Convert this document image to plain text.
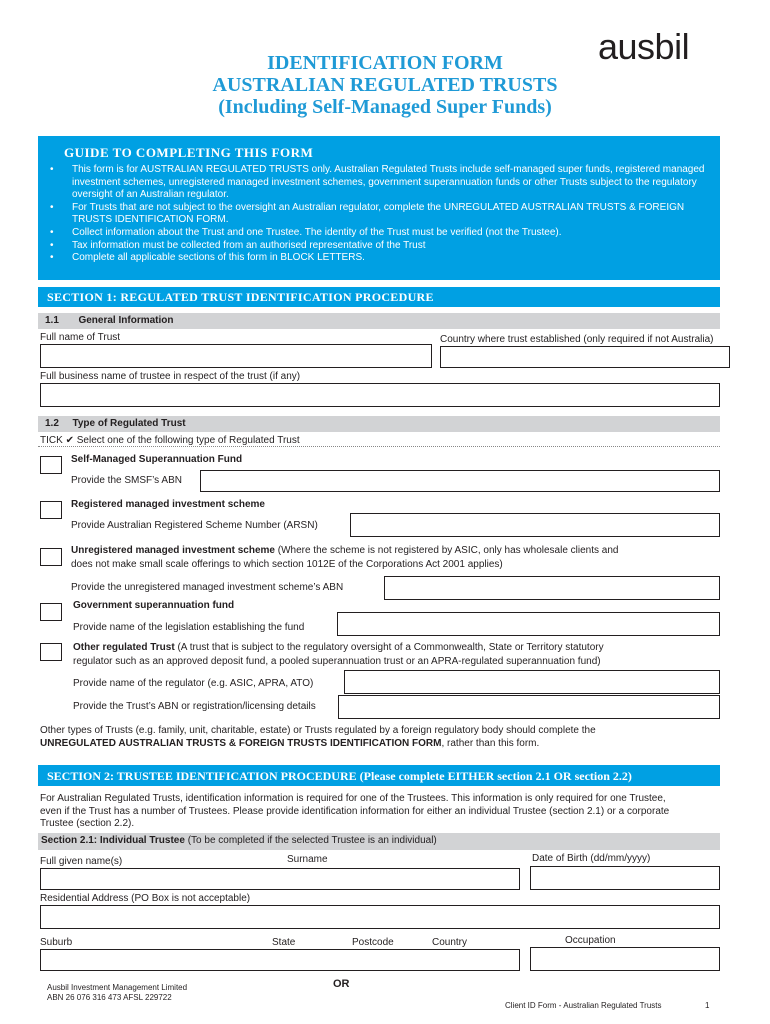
ausbil
IDENTIFICATION FORM
AUSTRALIAN REGULATED TRUSTS
(Including Self-Managed Super Funds)
GUIDE TO COMPLETING THIS FORM
• This form is for AUSTRALIAN REGULATED TRUSTS only. Australian Regulated Trusts include self-managed super funds, registered managed investment schemes, unregistered managed investment schemes, government superannuation funds or other Trusts subject to the regulatory oversight of an Australian regulator.
• For Trusts that are not subject to the oversight an Australian regulator, complete the UNREGULATED AUSTRALIAN TRUSTS & FOREIGN TRUSTS IDENTIFICATION FORM.
• Collect information about the Trust and one Trustee. The identity of the Trust must be verified (not the Trustee).
• Tax information must be collected from an authorised representative of the Trust
• Complete all applicable sections of this form in BLOCK LETTERS.
SECTION 1: REGULATED TRUST IDENTIFICATION PROCEDURE
1.1 General Information
Full name of Trust	Country where trust established (only required if not Australia)
Full business name of trustee in respect of the trust (if any)
1.2 Type of Regulated Trust
TICK ✔ Select one of the following type of Regulated Trust
Self-Managed Superannuation Fund
Provide the SMSF’s ABN
Registered managed investment scheme
Provide Australian Registered Scheme Number (ARSN)
Unregistered managed investment scheme (Where the scheme is not registered by ASIC, only has wholesale clients and
does not make small scale offerings to which section 1012E of the Corporations Act 2001 applies)
Provide the unregistered managed investment scheme’s ABN
Government superannuation fund
Provide name of the legislation establishing the fund
Other regulated Trust (A trust that is subject to the regulatory oversight of a Commonwealth, State or Territory statutory
regulator such as an approved deposit fund, a pooled superannuation trust or an APRA-regulated superannuation fund)
Provide name of the regulator (e.g. ASIC, APRA, ATO)
Provide the Trust’s ABN or registration/licensing details
Other types of Trusts (e.g. family, unit, charitable, estate) or Trusts regulated by a foreign regulatory body should complete the
UNREGULATED AUSTRALIAN TRUSTS & FOREIGN TRUSTS IDENTIFICATION FORM, rather than this form.
SECTION 2: TRUSTEE IDENTIFICATION PROCEDURE (Please complete EITHER section 2.1 OR section 2.2)
For Australian Regulated Trusts, identification information is required for one of the Trustees. This information is only required for one Trustee,
even if the Trust has a number of Trustees. Please provide identification information for either an individual Trustee (section 2.1) or a corporate
Trustee (section 2.2).
Section 2.1: Individual Trustee (To be completed if the selected Trustee is an individual)
Full given name(s)	Surname	Date of Birth (dd/mm/yyyy)
Residential Address (PO Box is not acceptable)
Suburb	State	Postcode	Country	Occupation
OR
Ausbil Investment Management Limited
ABN 26 076 316 473 AFSL 229722
Client ID Form - Australian Regulated Trusts	1
